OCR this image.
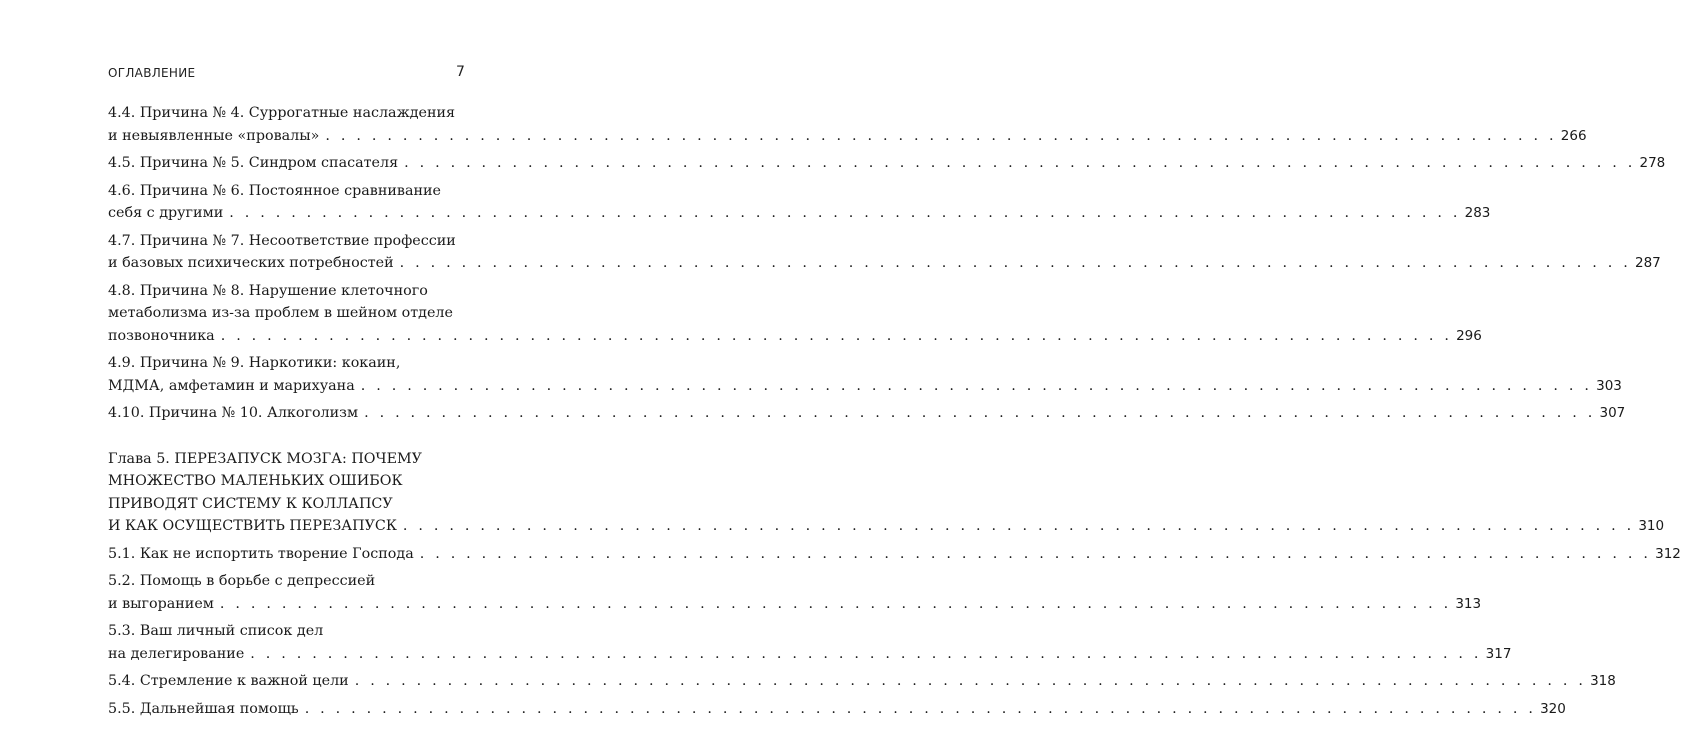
ОГЛАВЛЕНИЕ	7
4.4. Причина № 4. Суррогатные наслаждения
и невыявленные «провалы» . . . . . . . . . . . . . . . . . . . . . . . . . . . . . . . . . . . . . . . . . . . . . . . . . . . . . . . . . . . . . . . . . . . . . . . . . . . . . . . . 266
4.5. Причина № 5. Синдром спасателя . . . . . . . . . . . . . . . . . . . . . . . . . . . . . . . . . . . . . . . . . . . . . . . . . . . . . . . . . . . . . . . . . . . . . . . . . . . . . . . . 278
4.6. Причина № 6. Постоянное сравнивание
себя с другими . . . . . . . . . . . . . . . . . . . . . . . . . . . . . . . . . . . . . . . . . . . . . . . . . . . . . . . . . . . . . . . . . . . . . . . . . . . . . . . . 283
4.7. Причина № 7. Несоответствие профессии
и базовых психических потребностей . . . . . . . . . . . . . . . . . . . . . . . . . . . . . . . . . . . . . . . . . . . . . . . . . . . . . . . . . . . . . . . . . . . . . . . . . . . . . . . . 287
4.8. Причина № 8. Нарушение клеточного
метаболизма из-за проблем в шейном отделе
позвоночника . . . . . . . . . . . . . . . . . . . . . . . . . . . . . . . . . . . . . . . . . . . . . . . . . . . . . . . . . . . . . . . . . . . . . . . . . . . . . . . . 296
4.9. Причина № 9. Наркотики: кокаин,
МДМА, амфетамин и марихуана . . . . . . . . . . . . . . . . . . . . . . . . . . . . . . . . . . . . . . . . . . . . . . . . . . . . . . . . . . . . . . . . . . . . . . . . . . . . . . . . 303
4.10. Причина № 10. Алкоголизм . . . . . . . . . . . . . . . . . . . . . . . . . . . . . . . . . . . . . . . . . . . . . . . . . . . . . . . . . . . . . . . . . . . . . . . . . . . . . . . . 307
Глава 5. ПЕРЕЗАПУСК МОЗГА: ПОЧЕМУ
МНОЖЕСТВО МАЛЕНЬКИХ ОШИБОК
ПРИВОДЯТ СИСТЕМУ К КОЛЛАПСУ
И КАК ОСУЩЕСТВИТЬ ПЕРЕЗАПУСК . . . . . . . . . . . . . . . . . . . . . . . . . . . . . . . . . . . . . . . . . . . . . . . . . . . . . . . . . . . . . . . . . . . . . . . . . . . . . . . . 310
5.1. Как не испортить творение Господа . . . . . . . . . . . . . . . . . . . . . . . . . . . . . . . . . . . . . . . . . . . . . . . . . . . . . . . . . . . . . . . . . . . . . . . . . . . . . . . . 312
5.2. Помощь в борьбе с депрессией
и выгоранием . . . . . . . . . . . . . . . . . . . . . . . . . . . . . . . . . . . . . . . . . . . . . . . . . . . . . . . . . . . . . . . . . . . . . . . . . . . . . . . . 313
5.3. Ваш личный список дел
на делегирование . . . . . . . . . . . . . . . . . . . . . . . . . . . . . . . . . . . . . . . . . . . . . . . . . . . . . . . . . . . . . . . . . . . . . . . . . . . . . . . . 317
5.4. Стремление к важной цели . . . . . . . . . . . . . . . . . . . . . . . . . . . . . . . . . . . . . . . . . . . . . . . . . . . . . . . . . . . . . . . . . . . . . . . . . . . . . . . . 318
5.5. Дальнейшая помощь . . . . . . . . . . . . . . . . . . . . . . . . . . . . . . . . . . . . . . . . . . . . . . . . . . . . . . . . . . . . . . . . . . . . . . . . . . . . . . . . 320
